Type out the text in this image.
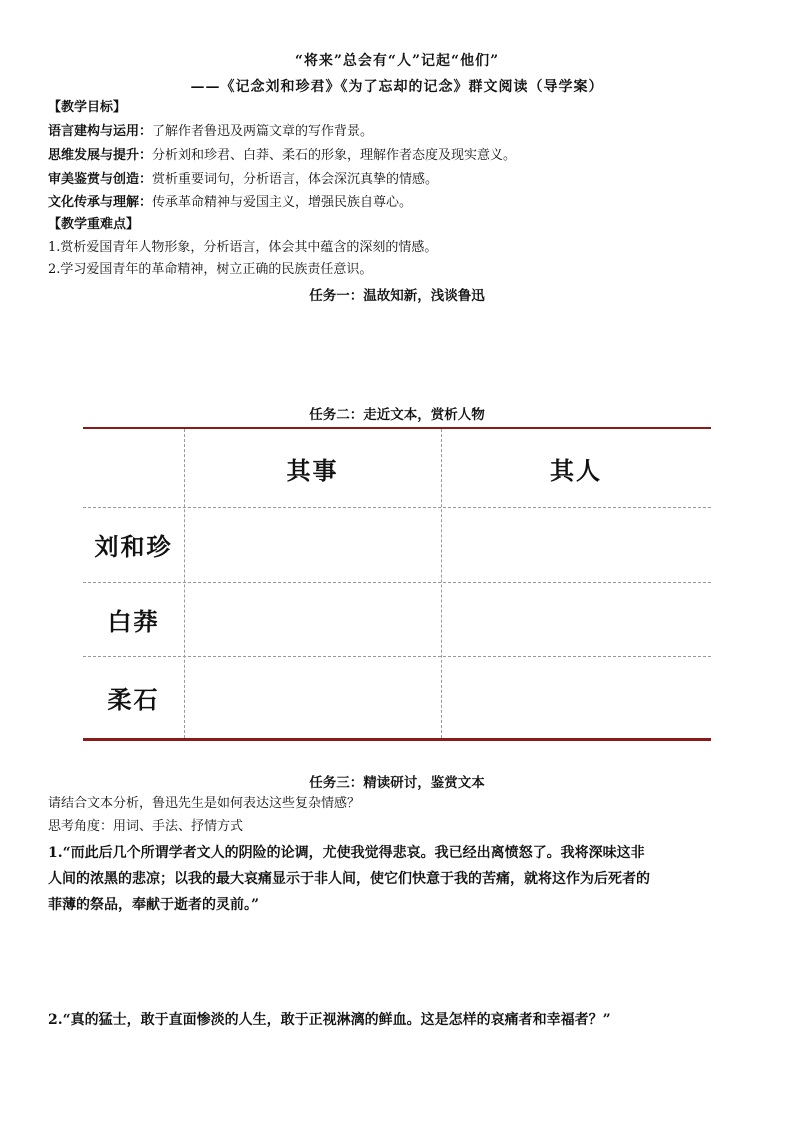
“将来”总会有“人”记起“他们”
——《记念刘和珍君》《为了忘却的记念》群文阅读（导学案）
【教学目标】
语言建构与运用：了解作者鲁迅及两篇文章的写作背景。
思维发展与提升：分析刘和珍君、白莽、柔石的形象，理解作者态度及现实意义。
审美鉴赏与创造：赏析重要词句，分析语言，体会深沉真挚的情感。
文化传承与理解：传承革命精神与爱国主义，增强民族自尊心。
【教学重难点】
1.赏析爱国青年人物形象，分析语言，体会其中蕴含的深刻的情感。
2.学习爱国青年的革命精神，树立正确的民族责任意识。
任务一：温故知新，浅谈鲁迅
任务二：走近文本，赏析人物
其事	其人
刘和珍
白莽
柔石
任务三：精读研讨，鉴赏文本
请结合文本分析，鲁迅先生是如何表达这些复杂情感？
思考角度：用词、手法、抒情方式
1.“而此后几个所谓学者文人的阴险的论调，尤使我觉得悲哀。我已经出离愤怒了。我将深味这非
人间的浓黑的悲凉；以我的最大哀痛显示于非人间，使它们快意于我的苦痛，就将这作为后死者的
菲薄的祭品，奉献于逝者的灵前。”
2.“真的猛士，敢于直面惨淡的人生，敢于正视淋漓的鲜血。这是怎样的哀痛者和幸福者？”
